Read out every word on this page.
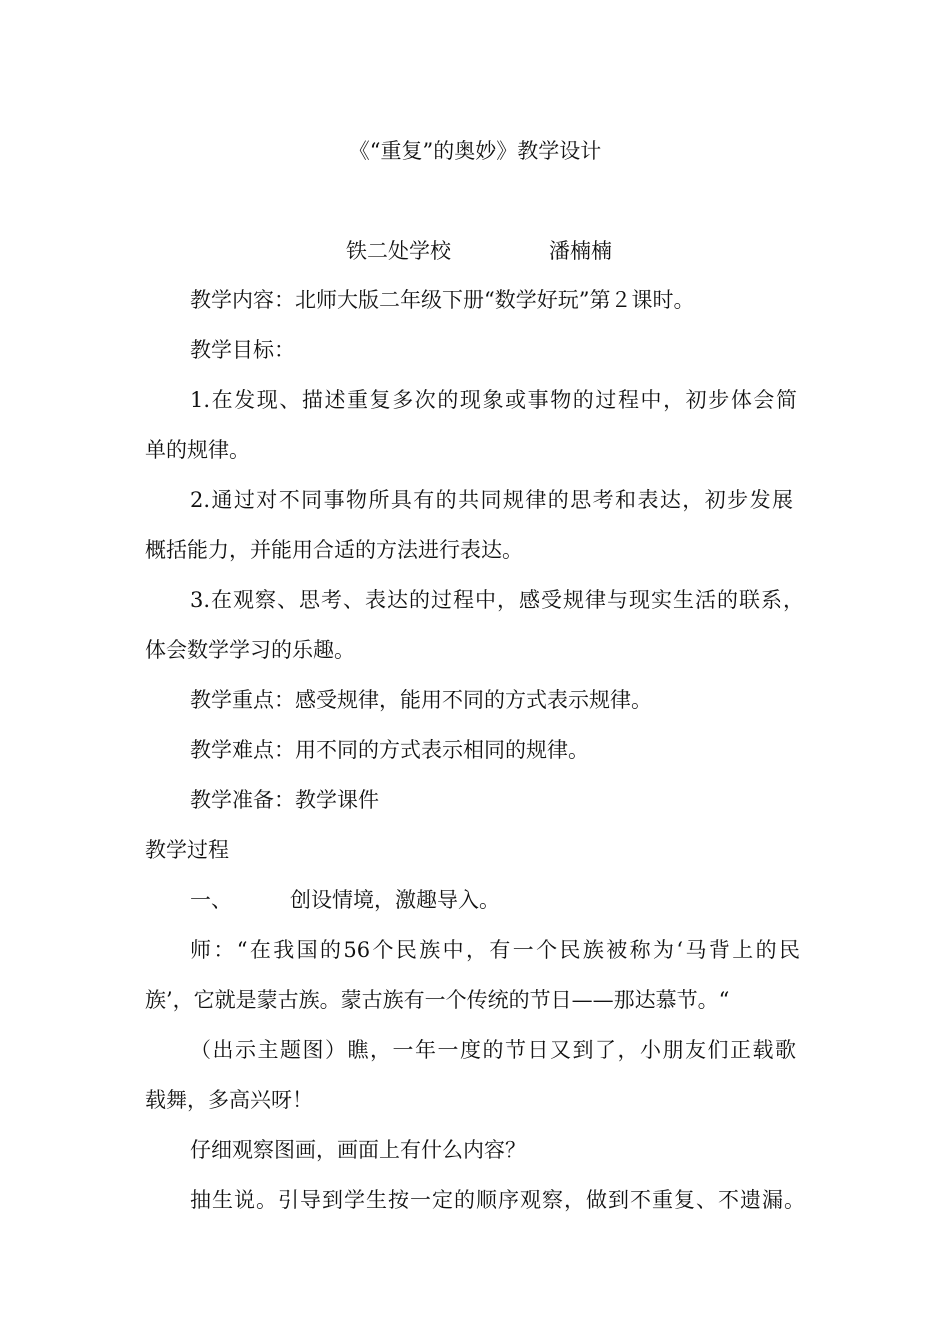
《“重复”的奥妙》教学设计
铁二处学校	潘楠楠
教学内容：北师大版二年级下册“数学好玩”第２课时。
教学目标：
1.在发现、描述重复多次的现象或事物的过程中，初步体会简
单的规律。
2.通过对不同事物所具有的共同规律的思考和表达，初步发展
概括能力，并能用合适的方法进行表达。
3.在观察、思考、表达的过程中，感受规律与现实生活的联系，
体会数学学习的乐趣。
教学重点：感受规律，能用不同的方式表示规律。
教学难点：用不同的方式表示相同的规律。
教学准备：教学课件
教学过程
一、	创设情境，激趣导入。
师：“在我国的56个民族中，有一个民族被称为‘马背上的民
族’，它就是蒙古族。蒙古族有一个传统的节日——那达慕节。“
（出示主题图）瞧，一年一度的节日又到了，小朋友们正载歌
载舞，多高兴呀！
仔细观察图画，画面上有什么内容？
抽生说。引导到学生按一定的顺序观察，做到不重复、不遗漏。
